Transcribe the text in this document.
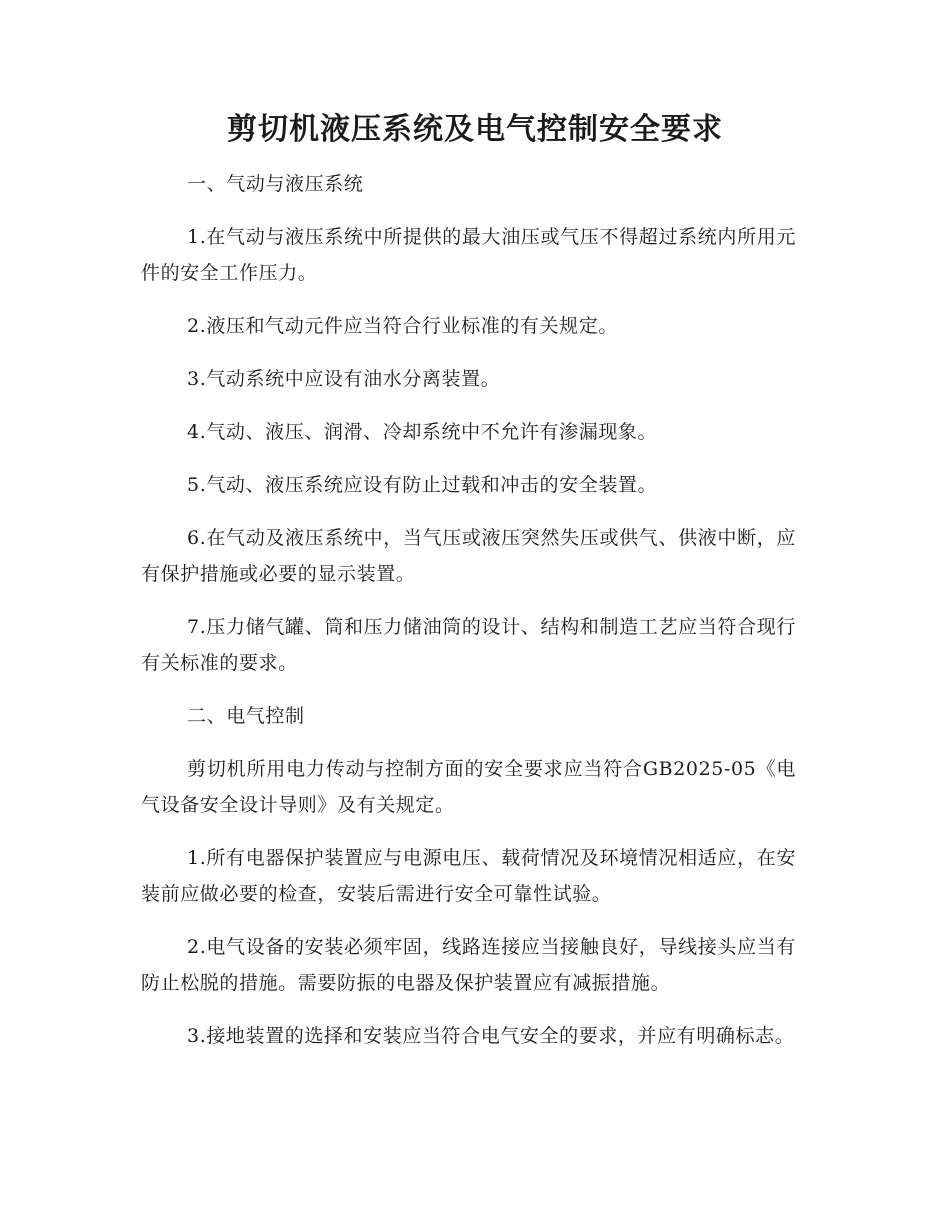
剪切机液压系统及电气控制安全要求

一、气动与液压系统

1.在气动与液压系统中所提供的最大油压或气压不得超过系统内所用元件的安全工作压力。

2.液压和气动元件应当符合行业标准的有关规定。

3.气动系统中应设有油水分离装置。

4.气动、液压、润滑、冷却系统中不允许有渗漏现象。

5.气动、液压系统应设有防止过载和冲击的安全装置。

6.在气动及液压系统中，当气压或液压突然失压或供气、供液中断，应有保护措施或必要的显示装置。

7.压力储气罐、筒和压力储油筒的设计、结构和制造工艺应当符合现行有关标准的要求。

二、电气控制

剪切机所用电力传动与控制方面的安全要求应当符合GB2025-05《电气设备安全设计导则》及有关规定。

1.所有电器保护装置应与电源电压、载荷情况及环境情况相适应，在安装前应做必要的检查，安装后需进行安全可靠性试验。

2.电气设备的安装必须牢固，线路连接应当接触良好，导线接头应当有防止松脱的措施。需要防振的电器及保护装置应有减振措施。

3.接地装置的选择和安装应当符合电气安全的要求，并应有明确标志。
